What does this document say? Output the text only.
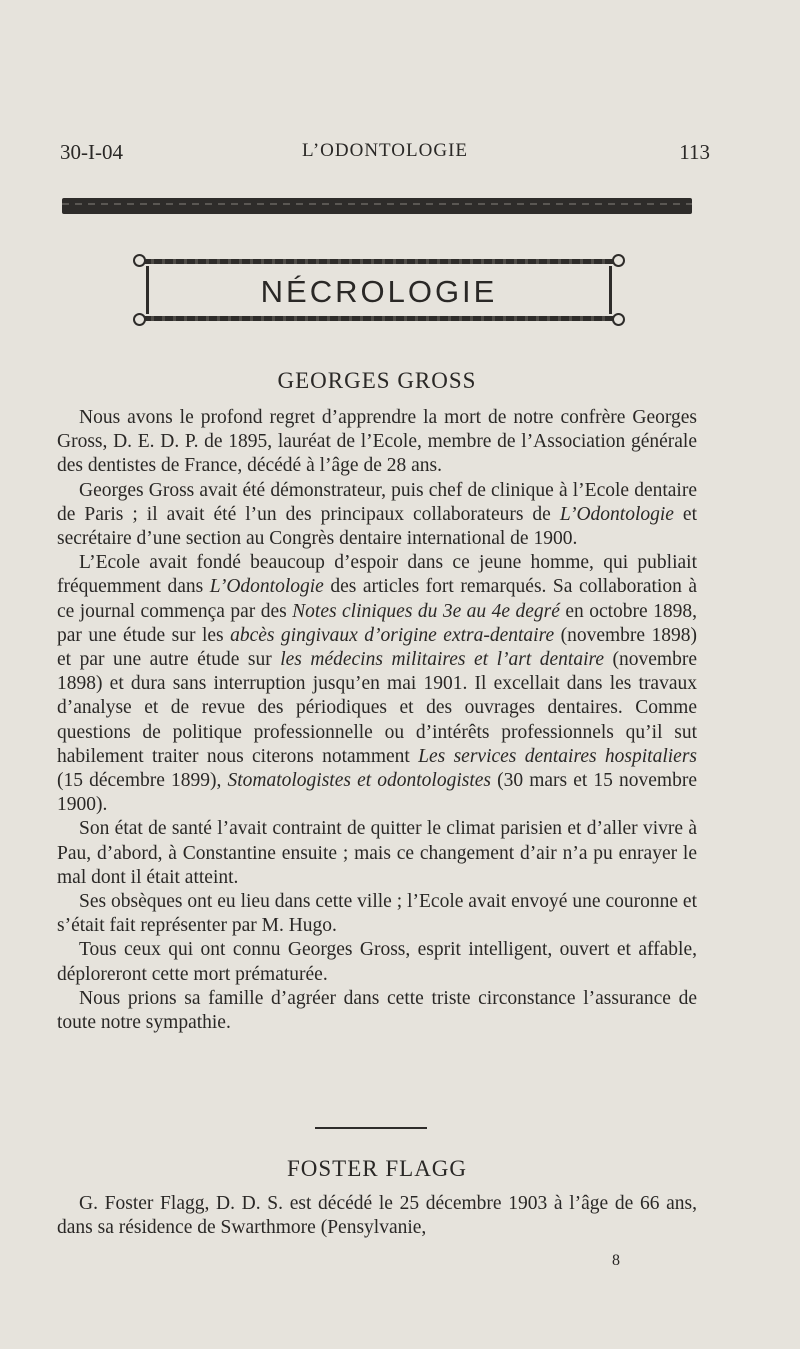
30-I-04	L’ODONTOLOGIE	113
NÉCROLOGIE
GEORGES GROSS

Nous avons le profond regret d’apprendre la mort de notre confrère Georges Gross, D. E. D. P. de 1895, lauréat de l’Ecole, membre de l’Association générale des dentistes de France, décédé à l’âge de 28 ans.

Georges Gross avait été démonstrateur, puis chef de clinique à l’Ecole dentaire de Paris ; il avait été l’un des principaux collaborateurs de L’Odontologie et secrétaire d’une section au Congrès dentaire international de 1900.

L’Ecole avait fondé beaucoup d’espoir dans ce jeune homme, qui publiait fréquemment dans L’Odontologie des articles fort remarqués. Sa collaboration à ce journal commença par des Notes cliniques du 3e au 4e degré en octobre 1898, par une étude sur les abcès gingivaux d’origine extra-dentaire (novembre 1898) et par une autre étude sur les médecins militaires et l’art dentaire (novembre 1898) et dura sans interruption jusqu’en mai 1901. Il excellait dans les travaux d’analyse et de revue des périodiques et des ouvrages dentaires. Comme questions de politique professionnelle ou d’intérêts professionnels qu’il sut habilement traiter nous citerons notamment Les services dentaires hospitaliers (15 décembre 1899), Stomatologistes et odontologistes (30 mars et 15 novembre 1900).

Son état de santé l’avait contraint de quitter le climat parisien et d’aller vivre à Pau, d’abord, à Constantine ensuite ; mais ce changement d’air n’a pu enrayer le mal dont il était atteint.

Ses obsèques ont eu lieu dans cette ville ; l’Ecole avait envoyé une couronne et s’était fait représenter par M. Hugo.

Tous ceux qui ont connu Georges Gross, esprit intelligent, ouvert et affable, déploreront cette mort prématurée.

Nous prions sa famille d’agréer dans cette triste circonstance l’assurance de toute notre sympathie.

FOSTER FLAGG

G. Foster Flagg, D. D. S. est décédé le 25 décembre 1903 à l’âge de 66 ans, dans sa résidence de Swarthmore (Pensylvanie,

8
